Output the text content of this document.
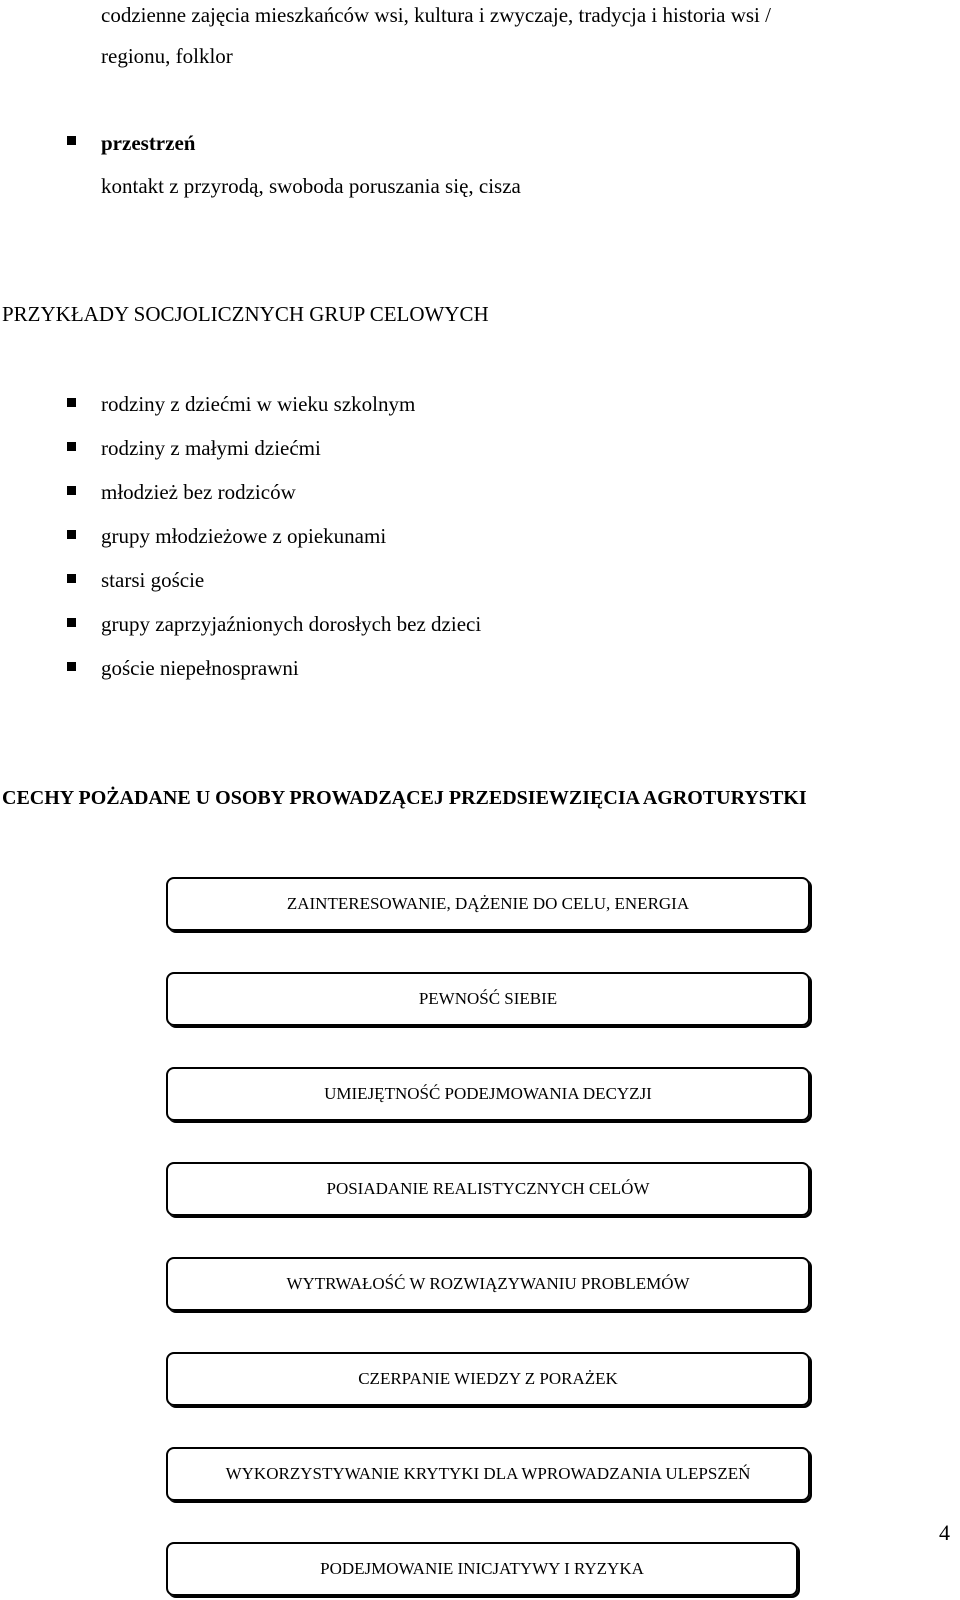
codzienne zajęcia mieszkańców wsi, kultura i zwyczaje, tradycja i historia wsi /
regionu, folklor
przestrzeń
kontakt z przyrodą, swoboda poruszania się, cisza
PRZYKŁADY SOCJOLICZNYCH GRUP CELOWYCH
rodziny z dziećmi w wieku szkolnym
rodziny z małymi dziećmi
młodzież bez rodziców
grupy młodzieżowe z opiekunami
starsi goście
grupy zaprzyjaźnionych dorosłych bez dzieci
goście niepełnosprawni
CECHY POŻADANE U OSOBY PROWADZĄCEJ PRZEDSIEWZIĘCIA AGROTURYSTKI
ZAINTERESOWANIE, DĄŻENIE DO CELU, ENERGIA
PEWNOŚĆ SIEBIE
UMIEJĘTNOŚĆ PODEJMOWANIA DECYZJI
POSIADANIE REALISTYCZNYCH CELÓW
WYTRWAŁOŚĆ W ROZWIĄZYWANIU PROBLEMÓW
CZERPANIE WIEDZY Z PORAŻEK
WYKORZYSTYWANIE KRYTYKI DLA WPROWADZANIA ULEPSZEŃ
PODEJMOWANIE INICJATYWY I RYZYKA
4
